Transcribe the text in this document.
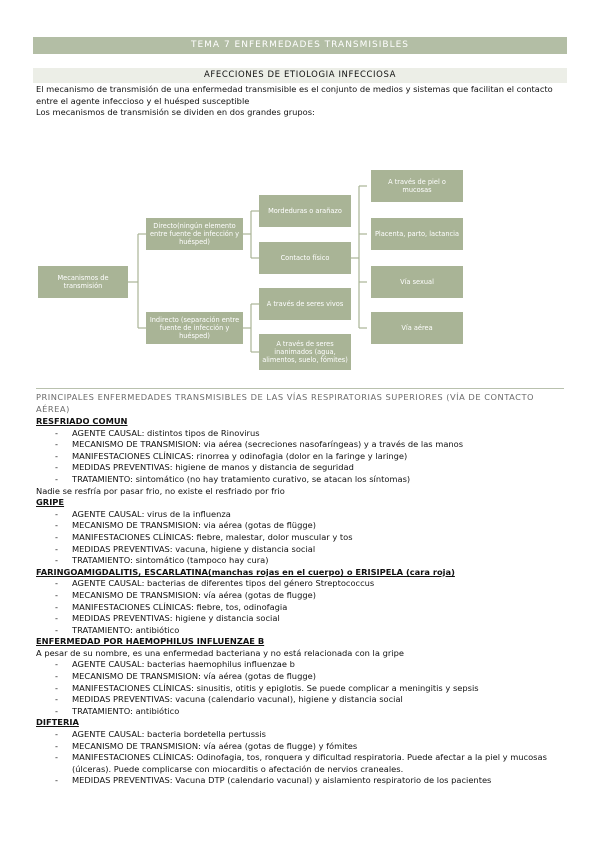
TEMA 7 ENFERMEDADES TRANSMISIBLES
AFECCIONES DE ETIOLOGIA INFECCIOSA

El mecanismo de transmisión de una enfermedad transmisible es el conjunto de medios y sistemas que facilitan el contacto entre el agente infeccioso y el huésped susceptible

Los mecanismos de transmisión se dividen en dos grandes grupos:

Mecanismos de transmisión
Directo(ningún elemento entre fuente de infección y huésped)
Indirecto (separación entre fuente de infección y huésped)
Mordeduras o arañazo
Contacto físico
A través de seres vivos
A través de seres inanimados (agua, alimentos, suelo, fómites)
A través de piel o mucosas
Placenta, parto, lactancia
Vía sexual
Vía aérea
PRINCIPALES ENFERMEDADES TRANSMISIBLES DE LAS VÍAS RESPIRATORIAS SUPERIORES (VÍA DE CONTACTO AÉREA)

RESFRIADO COMUN

- AGENTE CAUSAL: distintos tipos de Rinovirus
- MECANISMO DE TRANSMISION: via aérea (secreciones nasofaríngeas) y a través de las manos
- MANIFESTACIONES CLÍNICAS: rinorrea y odinofagia (dolor en la faringe y laringe)
- MEDIDAS PREVENTIVAS: higiene de manos y distancia de seguridad
- TRATAMIENTO: sintomático (no hay tratamiento curativo, se atacan los síntomas)

Nadie se resfría por pasar frio, no existe el resfriado por frio

GRIPE

- AGENTE CAUSAL: virus de la influenza
- MECANISMO DE TRANSMISION: via aérea (gotas de flügge)
- MANIFESTACIONES CLÍNICAS: fiebre, malestar, dolor muscular y tos
- MEDIDAS PREVENTIVAS: vacuna, higiene y distancia social
- TRATAMIENTO: sintomático (tampoco hay cura)

FARINGOAMIGDALITIS, ESCARLATINA(manchas rojas en el cuerpo) o ERISIPELA (cara roja)

- AGENTE CAUSAL: bacterias de diferentes tipos del género Streptococcus
- MECANISMO DE TRANSMISION: vía aérea (gotas de flugge)
- MANIFESTACIONES CLÍNICAS: fiebre, tos, odinofagia
- MEDIDAS PREVENTIVAS: higiene y distancia social
- TRATAMIENTO: antibiótico

ENFERMEDAD POR HAEMOPHILUS INFLUENZAE B

A pesar de su nombre, es una enfermedad bacteriana y no está relacionada con la gripe

- AGENTE CAUSAL: bacterias haemophilus influenzae b
- MECANISMO DE TRANSMISION: vía aérea (gotas de flugge)
- MANIFESTACIONES CLÍNICAS: sinusitis, otitis y epiglotis. Se puede complicar a meningitis y sepsis
- MEDIDAS PREVENTIVAS: vacuna (calendario vacunal), higiene y distancia social
- TRATAMIENTO: antibiótico

DIFTERIA

- AGENTE CAUSAL: bacteria bordetella pertussis
- MECANISMO DE TRANSMISION: vía aérea (gotas de flugge) y fómites
- MANIFESTACIONES CLÍNICAS: Odinofagia, tos, ronquera y dificultad respiratoria. Puede afectar a la piel y mucosas (úlceras). Puede complicarse con miocarditis o afectación de nervios craneales.
- MEDIDAS PREVENTIVAS: Vacuna DTP (calendario vacunal) y aislamiento respiratorio de los pacientes
